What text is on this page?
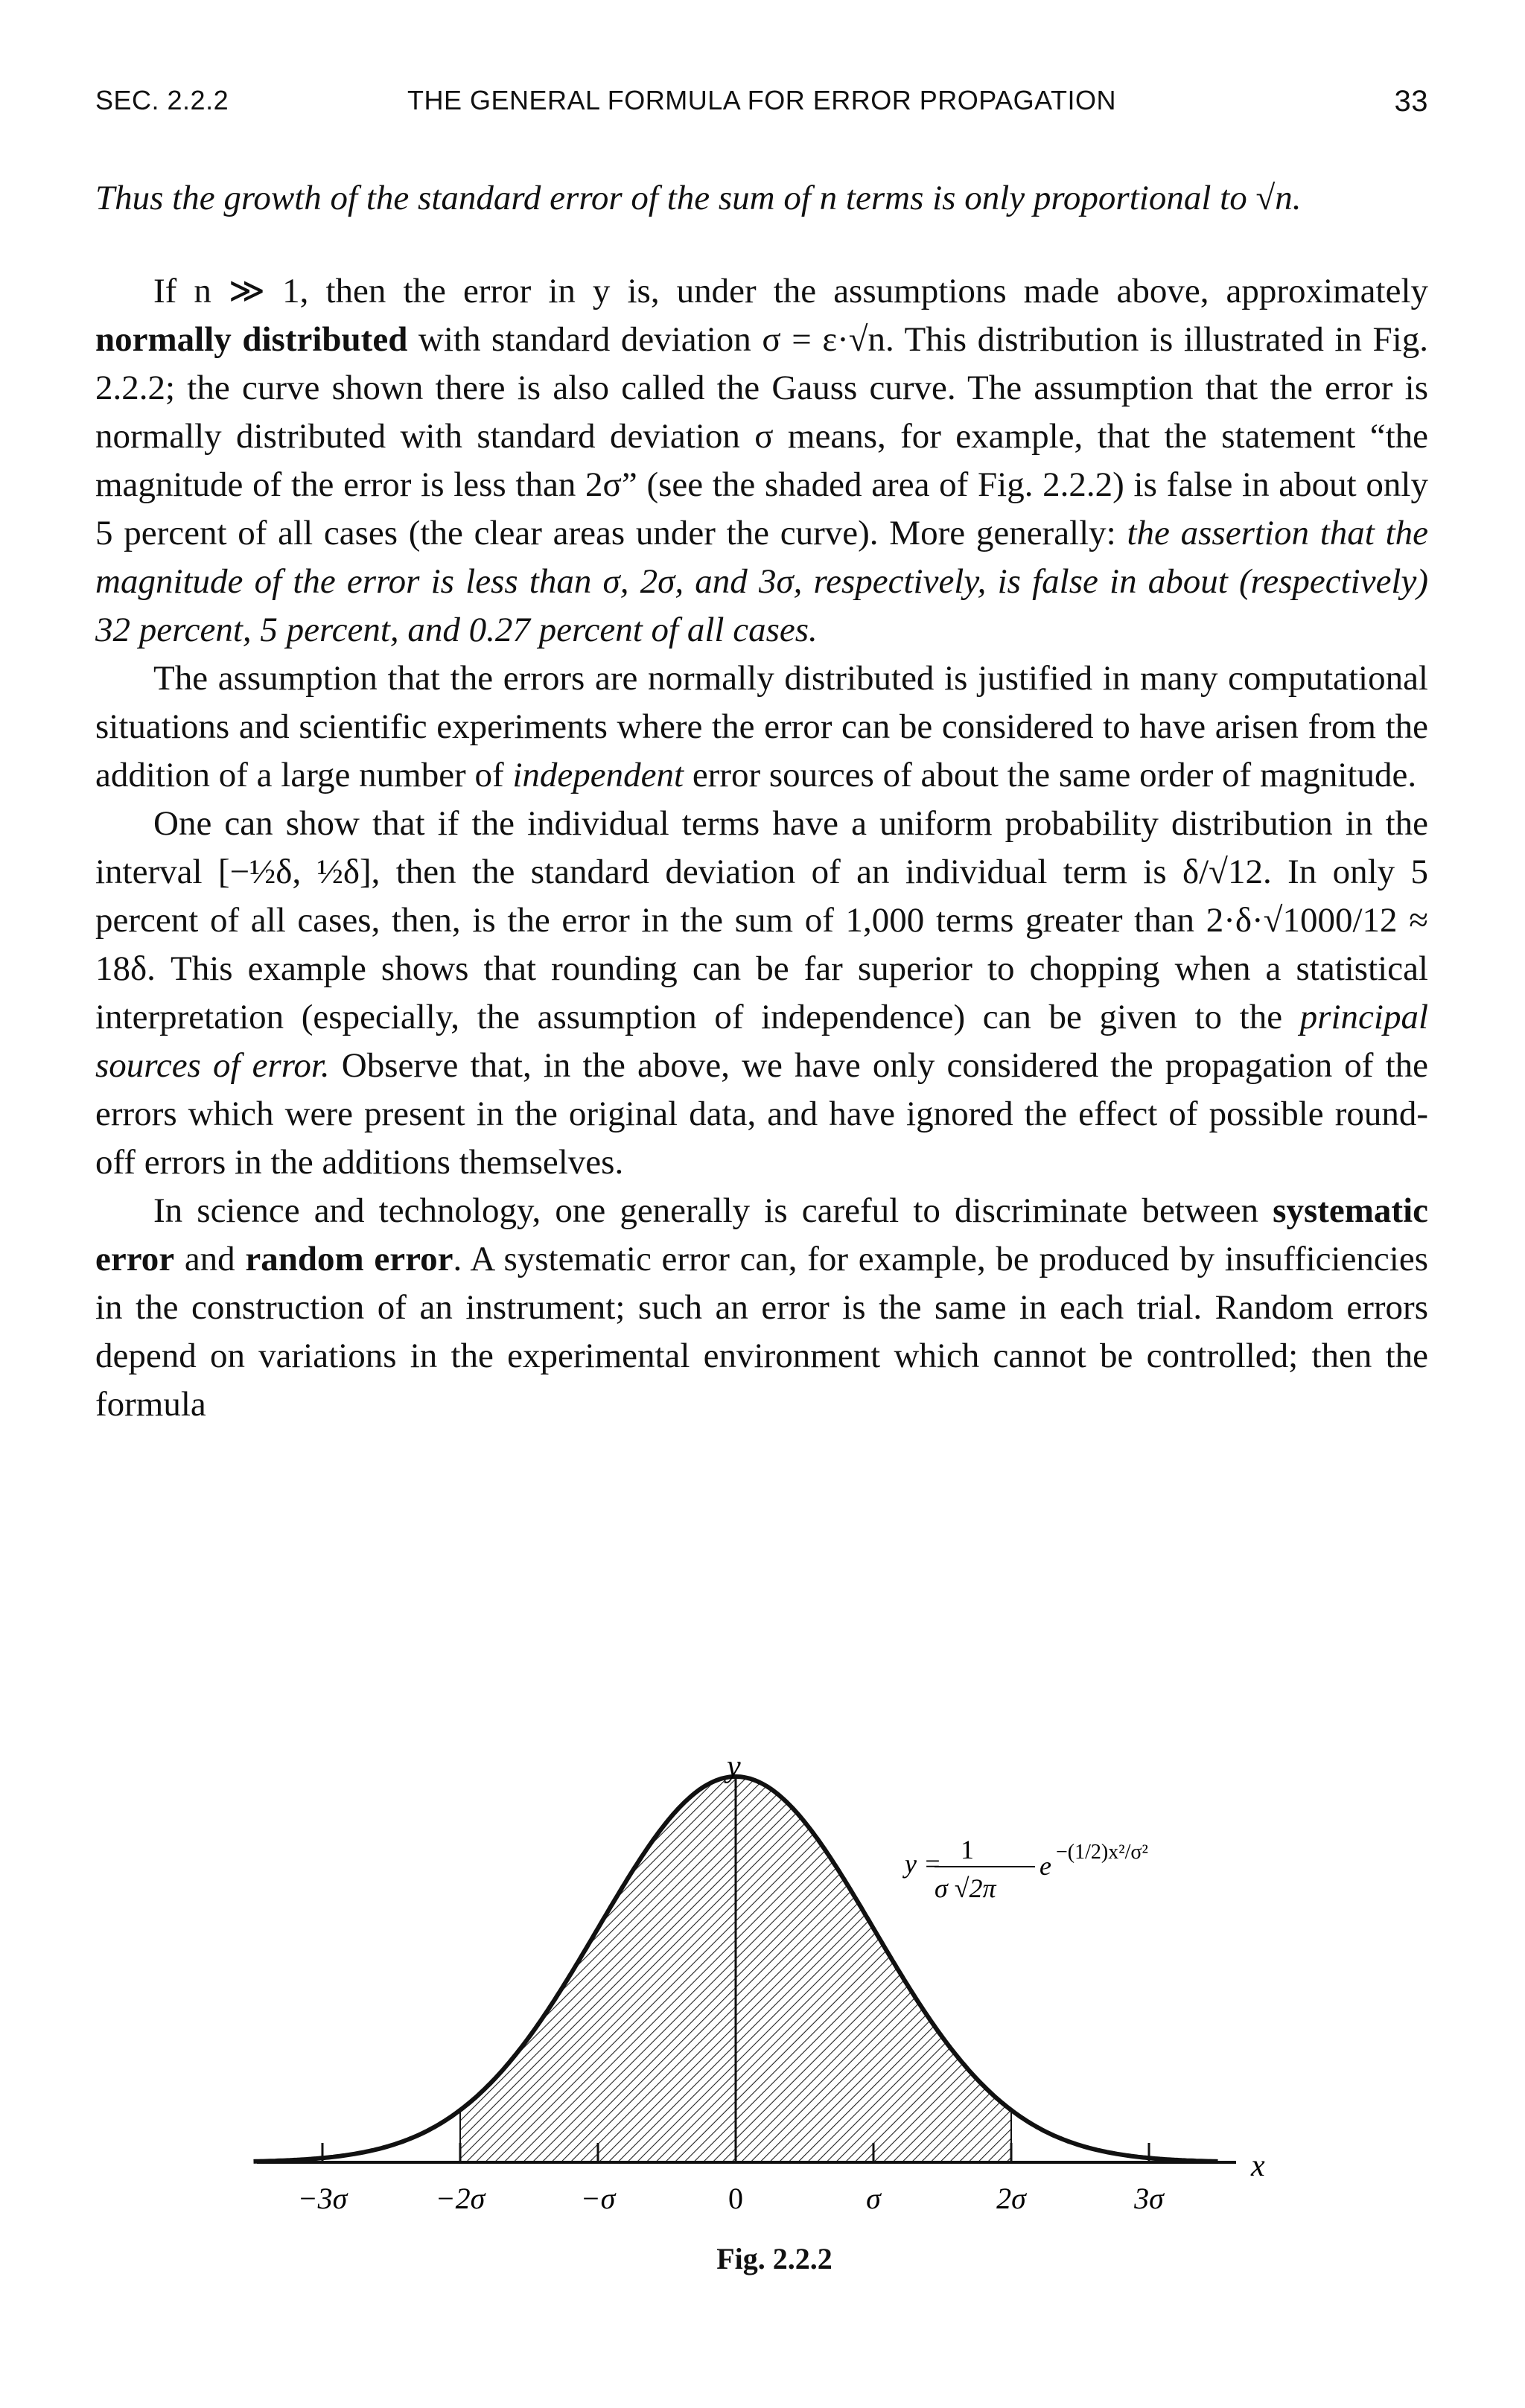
SEC. 2.2.2	THE GENERAL FORMULA FOR ERROR PROPAGATION	33

Thus the growth of the standard error of the sum of n terms is only proportional to √n.

If n ≫ 1, then the error in y is, under the assumptions made above, approximately normally distributed with standard deviation σ = ε·√n. This distribution is illustrated in Fig. 2.2.2; the curve shown there is also called the Gauss curve. The assumption that the error is normally distributed with standard deviation σ means, for example, that the statement “the magnitude of the error is less than 2σ” (see the shaded area of Fig. 2.2.2) is false in about only 5 percent of all cases (the clear areas under the curve). More generally: the assertion that the magnitude of the error is less than σ, 2σ, and 3σ, respectively, is false in about (respectively) 32 percent, 5 percent, and 0.27 percent of all cases.

The assumption that the errors are normally distributed is justified in many computational situations and scientific experiments where the error can be considered to have arisen from the addition of a large number of independent error sources of about the same order of magnitude.

One can show that if the individual terms have a uniform probability distribution in the interval [−½δ, ½δ], then the standard deviation of an individual term is δ/√12. In only 5 percent of all cases, then, is the error in the sum of 1,000 terms greater than 2·δ·√1000/12 ≈ 18δ. This example shows that rounding can be far superior to chopping when a statistical interpretation (especially, the assumption of independence) can be given to the principal sources of error. Observe that, in the above, we have only considered the propagation of the errors which were present in the original data, and have ignored the effect of possible round-off errors in the additions themselves.

In science and technology, one generally is careful to discriminate between systematic error and random error. A systematic error can, for example, be produced by insufficiencies in the construction of an instrument; such an error is the same in each trial. Random errors depend on variations in the experimental environment which cannot be controlled; then the formula

y
x
y = 1
σ √2π
e −(1/2)x²/σ²
−3σ	−2σ	−σ	0	σ	2σ	3σ
Fig. 2.2.2
